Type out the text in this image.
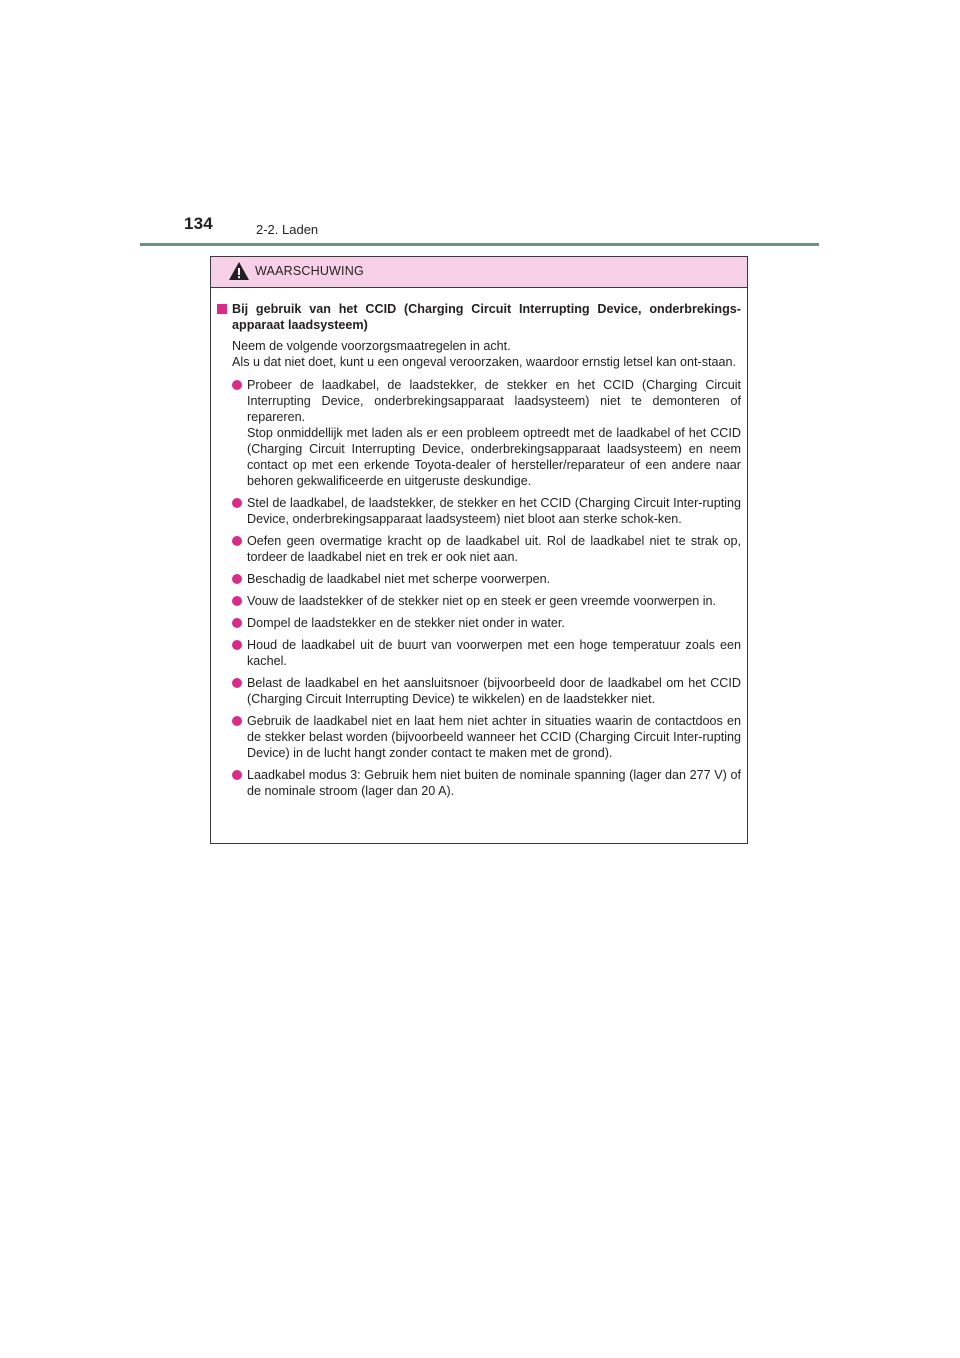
134	2-2. Laden
WAARSCHUWING
Bij gebruik van het CCID (Charging Circuit Interrupting Device, onderbrekings-apparaat laadsysteem)
Neem de volgende voorzorgsmaatregelen in acht.
Als u dat niet doet, kunt u een ongeval veroorzaken, waardoor ernstig letsel kan ont-staan.
Probeer de laadkabel, de laadstekker, de stekker en het CCID (Charging Circuit Interrupting Device, onderbrekingsapparaat laadsysteem) niet te demonteren of repareren.
Stop onmiddellijk met laden als er een probleem optreedt met de laadkabel of het CCID (Charging Circuit Interrupting Device, onderbrekingsapparaat laadsysteem) en neem contact op met een erkende Toyota-dealer of hersteller/reparateur of een andere naar behoren gekwalificeerde en uitgeruste deskundige.
Stel de laadkabel, de laadstekker, de stekker en het CCID (Charging Circuit Inter-rupting Device, onderbrekingsapparaat laadsysteem) niet bloot aan sterke schok-ken.
Oefen geen overmatige kracht op de laadkabel uit. Rol de laadkabel niet te strak op, tordeer de laadkabel niet en trek er ook niet aan.
Beschadig de laadkabel niet met scherpe voorwerpen.
Vouw de laadstekker of de stekker niet op en steek er geen vreemde voorwerpen in.
Dompel de laadstekker en de stekker niet onder in water.
Houd de laadkabel uit de buurt van voorwerpen met een hoge temperatuur zoals een kachel.
Belast de laadkabel en het aansluitsnoer (bijvoorbeeld door de laadkabel om het CCID (Charging Circuit Interrupting Device) te wikkelen) en de laadstekker niet.
Gebruik de laadkabel niet en laat hem niet achter in situaties waarin de contactdoos en de stekker belast worden (bijvoorbeeld wanneer het CCID (Charging Circuit Inter-rupting Device) in de lucht hangt zonder contact te maken met de grond).
Laadkabel modus 3: Gebruik hem niet buiten de nominale spanning (lager dan 277 V) of de nominale stroom (lager dan 20 A).
